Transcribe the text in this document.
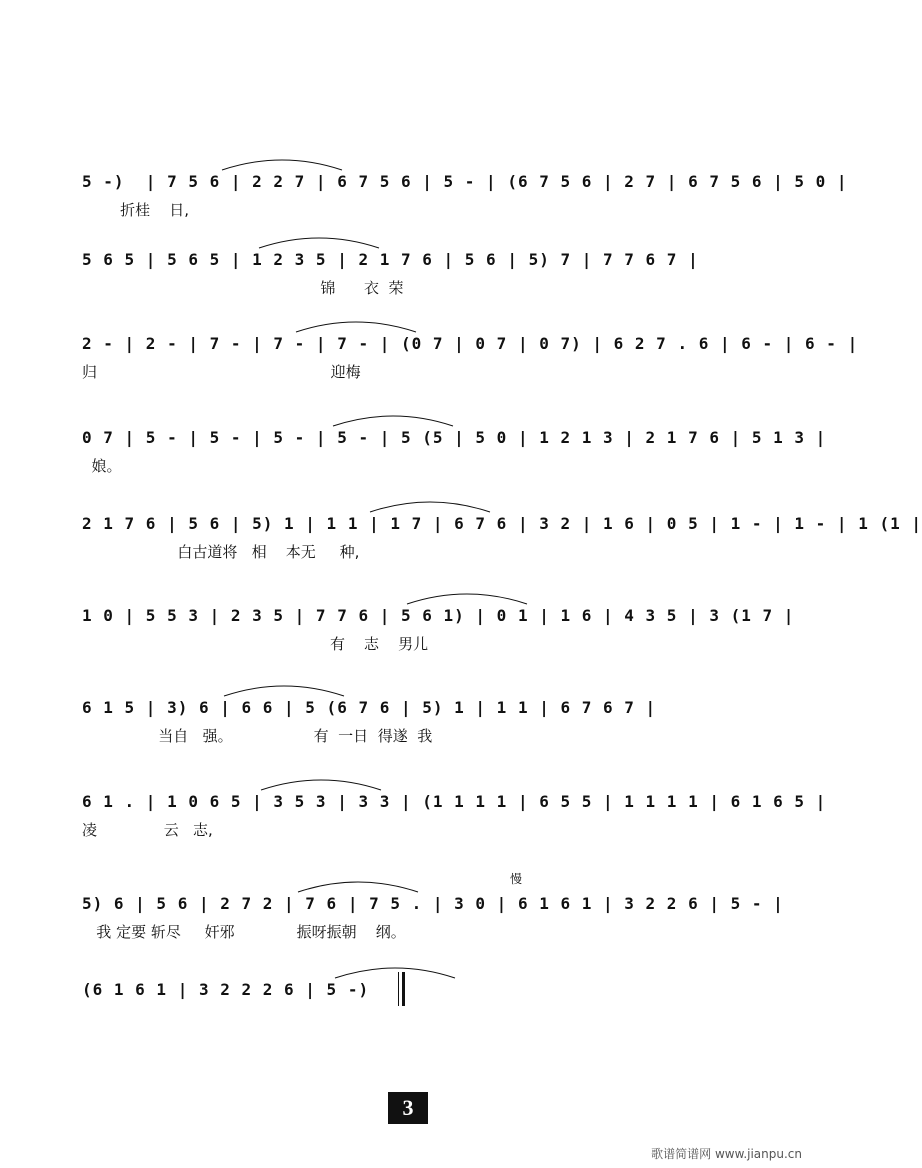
5 -)  | 7 5 6 | 2 2 7 | 6 7 5 6 | 5 - | (6 7 5 6 | 2 7 | 6 7 5 6 | 5 0 |
折桂    日,
5 6 5 | 5 6 5 | 1 2 3 5 | 2 1 7 6 | 5 6 | 5) 7 | 7 7 6 7 |
锦      衣  荣
2 - | 2 - | 7 - | 7 - | 7 - | (0 7 | 0 7 | 0 7) | 6 2 7 . 6 | 6 - | 6 - |
归                                                 迎梅
0 7 | 5 - | 5 - | 5 - | 5 - | 5 (5 | 5 0 | 1 2 1 3 | 2 1 7 6 | 5 1 3 |
娘。
2 1 7 6 | 5 6 | 5) 1 | 1 1 | 1 7 | 6 7 6 | 3 2 | 1 6 | 0 5 | 1 - | 1 - | 1 (1 |
白古道将   相    本无     种,
1 0 | 5 5 3 | 2 3 5 | 7 7 6 | 5 6 1) | 0 1 | 1 6 | 4 3 5 | 3 (1 7 |
有    志    男儿
6 1 5 | 3) 6 | 6 6 | 5 (6 7 6 | 5) 1 | 1 1 | 6 7 6 7 |
当自   强。                 有  一日  得遂  我
6 1 . | 1 0 6 5 | 3 5 3 | 3 3 | (1 1 1 1 | 6 5 5 | 1 1 1 1 | 6 1 6 5 |
凌              云   志,
5) 6 | 5 6 | 2 7 2 | 7 6 | 7 5 . | 3 0 | 6 1 6 1 | 3 2 2 6 | 5 - |
我 定要 斩尽     奸邪             振呀振朝    纲。
(6 1 6 1 | 3 2 2 2 6 | 5 -)
慢
3
歌谱简谱网 www.jianpu.cn
